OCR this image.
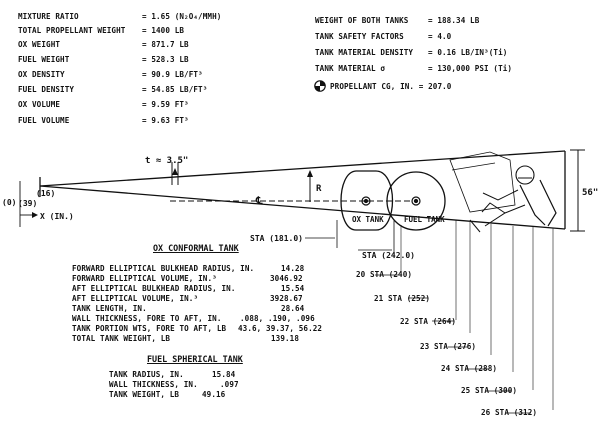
MIXTURE RATIO	= 1.65 (N₂O₄/MMH)
TOTAL PROPELLANT WEIGHT = 1400 LB
OX WEIGHT	= 871.7 LB
FUEL WEIGHT	= 528.3 LB
OX DENSITY	= 90.9 LB/FT³
FUEL DENSITY	= 54.85 LB/FT³
OX VOLUME	= 9.59 FT³
FUEL VOLUME	= 9.63 FT³
WEIGHT OF BOTH TANKS	= 188.34 LB
TANK SAFETY FACTORS	= 4.0
TANK MATERIAL DENSITY = 0.16 LB/IN³(Ti)
TANK MATERIAL σ	= 130,000 PSI (Ti)
PROPELLANT CG, IN. = 207.0
t ≈ 3.5"
56"
R
℄
OX TANK	FUEL TANK
X (IN.)
(0)
(16)
(39)
STA (181.0)
STA (242.0)
20 STA (240)
21 STA (252)
22 STA (264)
23 STA (276)
24 STA (288)
25 STA (300)
26 STA (312)
OX CONFORMAL TANK
FORWARD ELLIPTICAL BULKHEAD RADIUS, IN.	14.28
FORWARD ELLIPTICAL VOLUME, IN.³	3046.92
AFT ELLIPTICAL BULKHEAD RADIUS, IN.	15.54
AFT ELLIPTICAL VOLUME, IN.³	3928.67
TANK LENGTH, IN.	28.64
WALL THICKNESS, FORE TO AFT, IN. .088, .190, .096
TANK PORTION WTS, FORE TO AFT, LB 43.6, 39.37, 56.22
TOTAL TANK WEIGHT, LB	139.18
FUEL SPHERICAL TANK
TANK RADIUS, IN.	15.84
WALL THICKNESS, IN.	.097
TANK WEIGHT, LB	49.16
